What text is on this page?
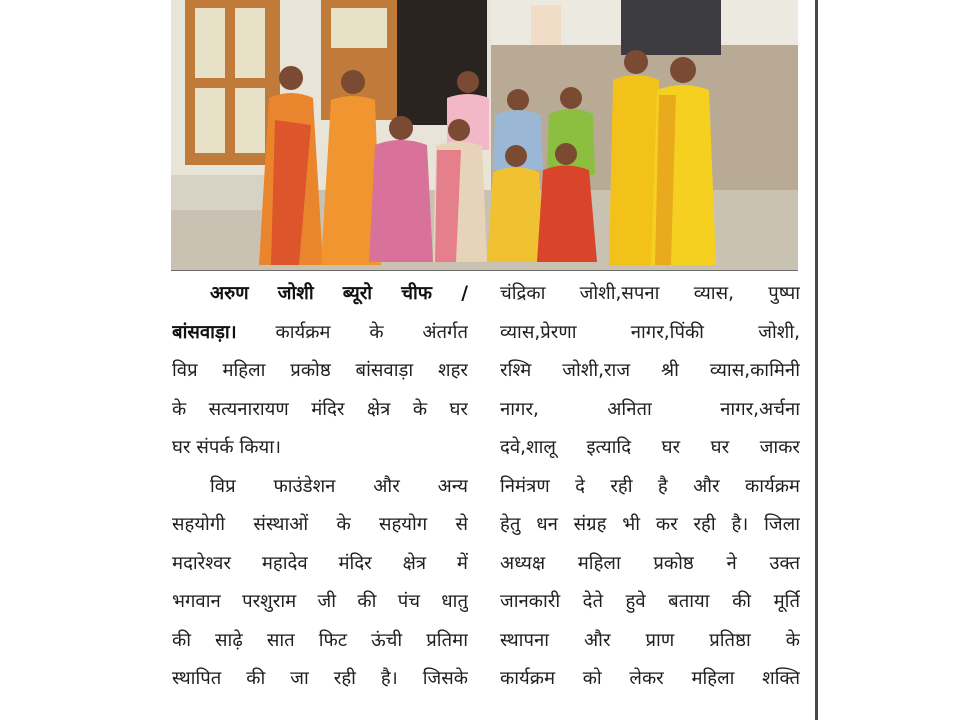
अरुण जोशी ब्यूरो चीफ /
बांसवाड़ा। कार्यक्रम के अंतर्गत
विप्र महिला प्रकोष्ठ बांसवाड़ा शहर
के सत्यनारायण मंदिर क्षेत्र के घर
घर संपर्क किया।
विप्र फाउंडेशन और अन्य
सहयोगी संस्थाओं के सहयोग से
मदारेश्वर महादेव मंदिर क्षेत्र में
भगवान परशुराम जी की पंच धातु
की साढ़े सात फिट ऊंची प्रतिमा
स्थापित की जा रही है। जिसके
चंद्रिका जोशी,सपना व्यास, पुष्पा
व्यास,प्रेरणा नागर,पिंकी जोशी,
रश्मि जोशी,राज श्री व्यास,कामिनी
नागर, अनिता नागर,अर्चना
दवे,शालू इत्यादि घर घर जाकर
निमंत्रण दे रही है और कार्यक्रम
हेतु धन संग्रह भी कर रही है। जिला
अध्यक्ष महिला प्रकोष्ठ ने उक्त
जानकारी देते हुवे बताया की मूर्ति
स्थापना और प्राण प्रतिष्ठा के
कार्यक्रम को लेकर महिला शक्ति
